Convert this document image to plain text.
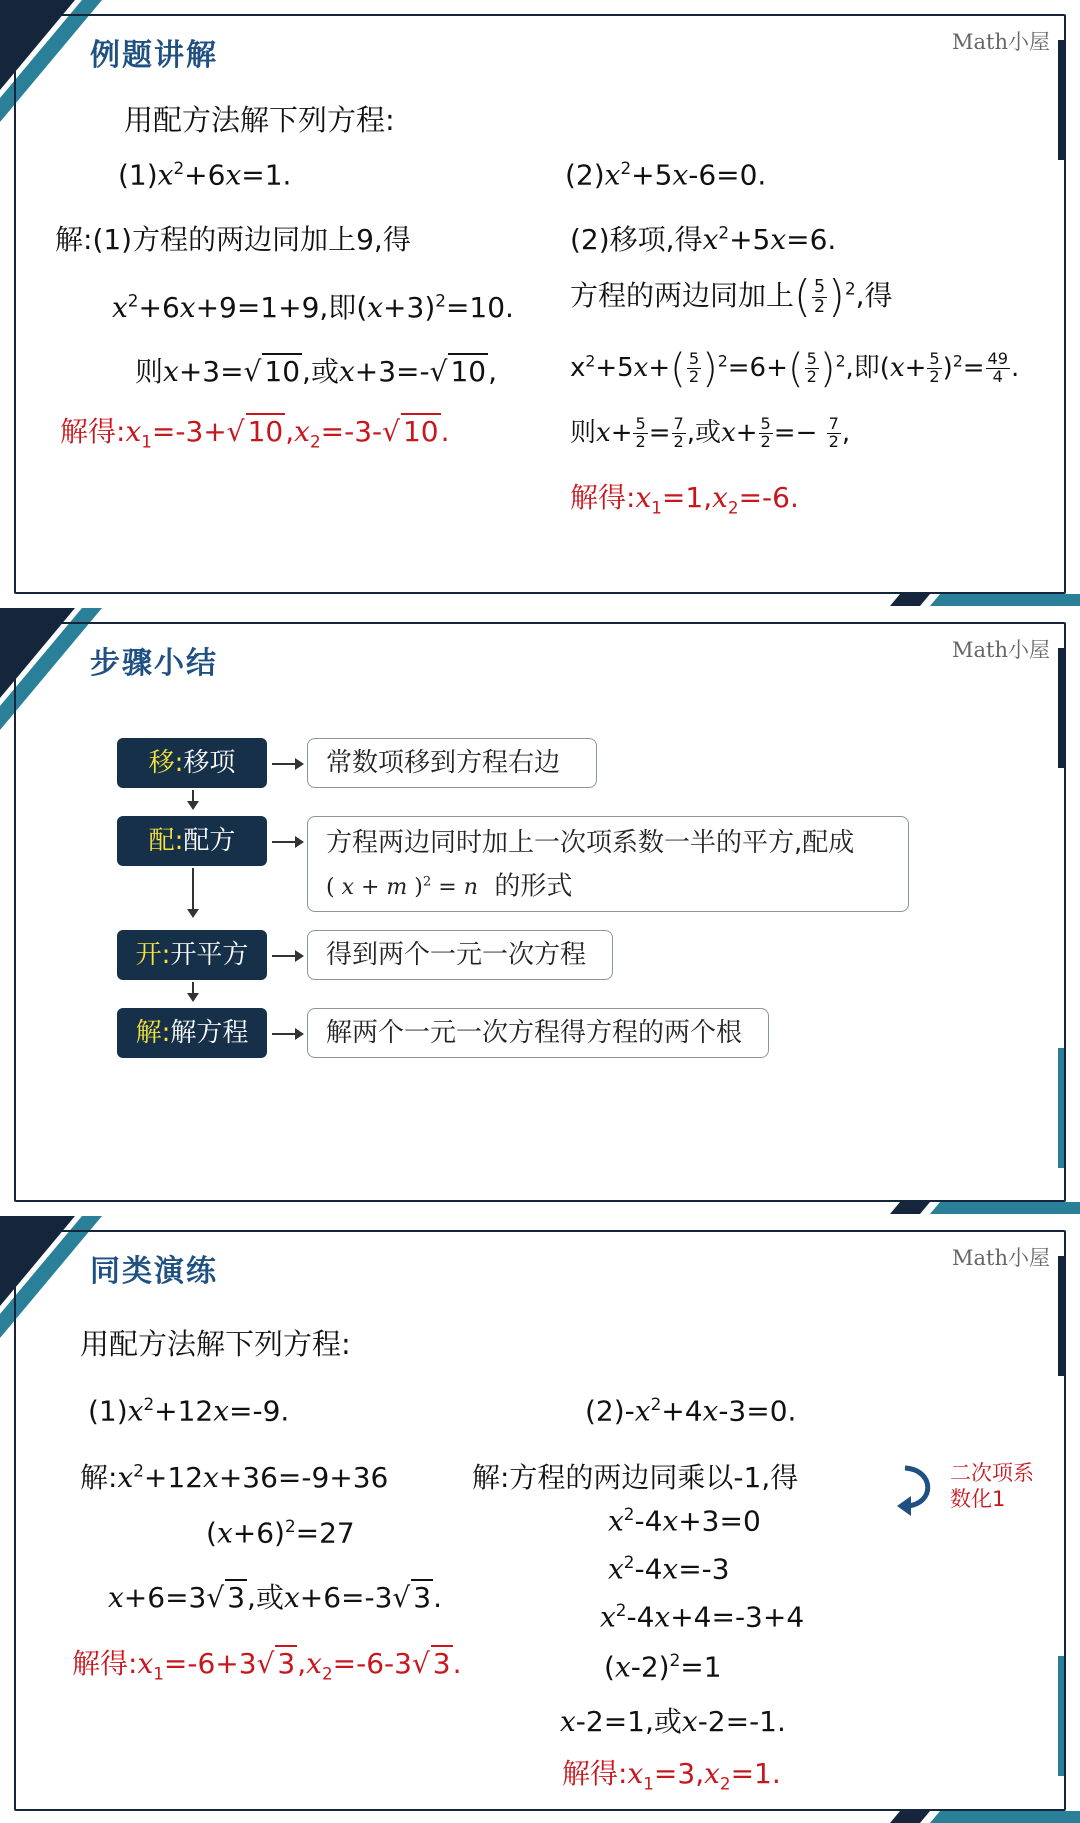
例题讲解	Math小屋
用配方法解下列方程:
$(1)x^2+6x=1$.
解:(1)方程的两边同加上9,得
$x^2+6x+9=1+9$,即$(x+3)^2=10$.
则x+3=√ 10,或x+3=-√ 10,
解得$:x_1=-3+√$ $10,x_2=-3-√$ 10.
$(2)x^2+5x-6=0$.
(2)移项,得$x^2+5x=6$.
方程的两边同加上( $\frac{5}{2} )^2$,得
$x^2+5x+( \frac{5}{2} )^2=6+( \frac{5}{2} )^2$,即$(x+ \frac{5}{2} )^2= \frac{49}{4}$ .
则$x+ \frac{5}{2} = \frac{7}{2}$ ,或$x+ \frac{5}{2} =- \frac{7}{2}$ ,
解得$:x_1=1,x_2=-6$.
步骤小结	Math小屋
移:移项	常数项移到方程右边
配:配方	方程两边同时加上一次项系数一半的平方,配成
( x + m )$^2$ = n 的形式
开:开平方	得到两个一元一次方程
解:解方程	解两个一元一次方程得方程的两个根
同类演练	Math小屋
用配方法解下列方程:
$(1)x^2+12x=-9$.
解$:x^2+12x+36=-9+36$
$(x+6)^2=27$
x+6=3√ 3,或x+6=-3√ 3.
解得$:x_1=-6+3√$ $3,x_2=-6-3√$ 3.
$(2)-x^2+4x-3=0$.
解:方程的两边同乘以-1,得	二次项系数化1
$x^2-4x+3=0$
$x^2-4x=-3$
$x^2-4x+4=-3+4$
$(x-2)^2=1$
x-2=1,或x-2=-1.
解得$:x_1=3,x_2=1$.
